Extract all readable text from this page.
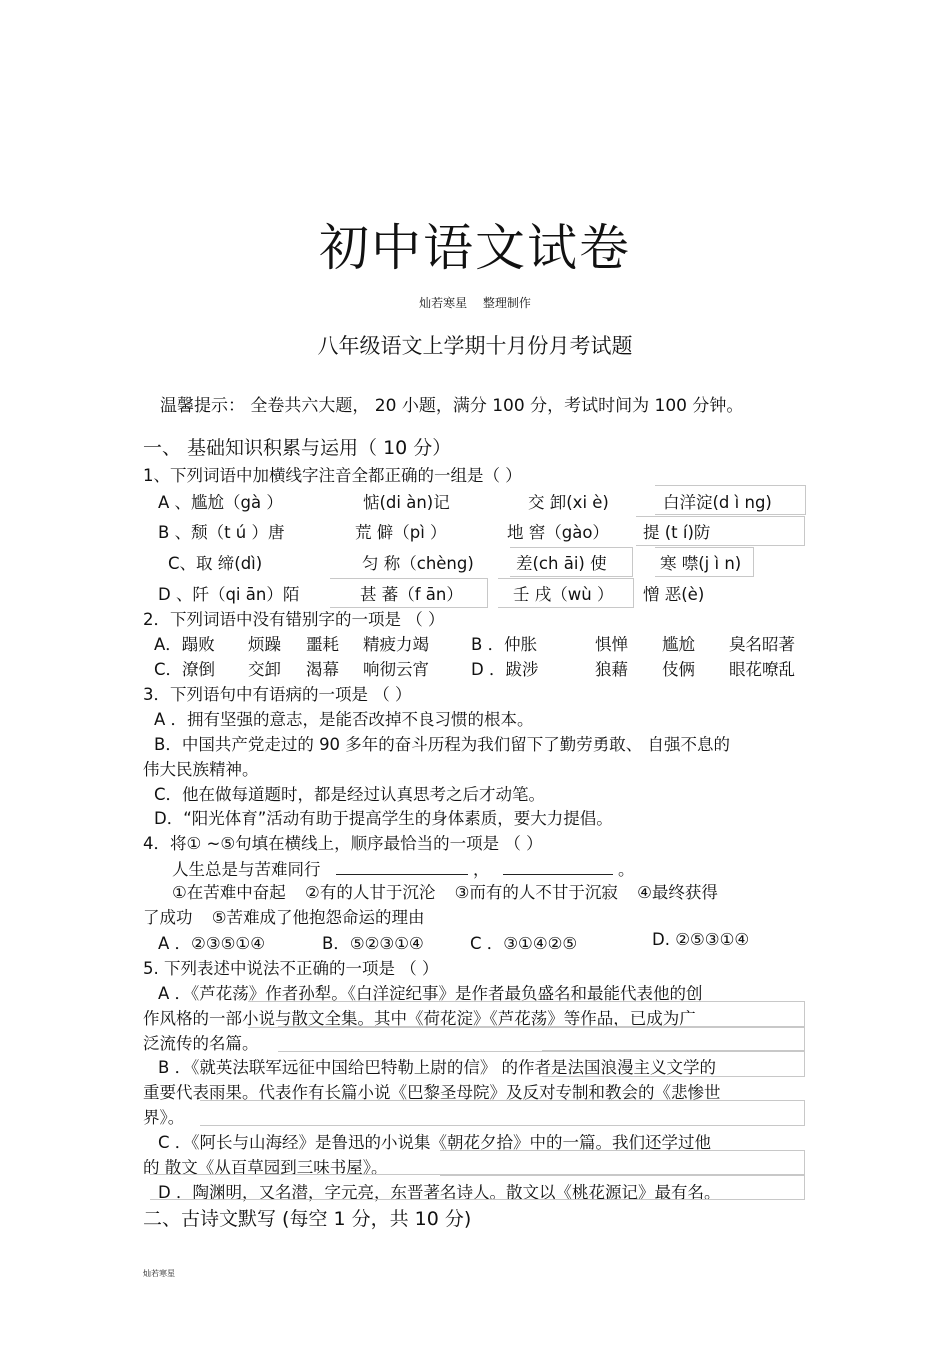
初中语文试卷
灿若寒星 整理制作
八年级语文上学期十月份月考试题
温馨提示： 全卷共六大题， 20 小题，满分 100 分，考试时间为 100 分钟。
一、 基础知识积累与运用（ 10 分）
1、下列词语中加横线字注音全都正确的一组是（ ）
A 、尴尬（gà ）	惦(di àn)记	交 卸(xi è)	白洋淀(d ì ng)
B 、颓（t ú ）唐	荒 僻（pì ）	地 窖（gào） 提 (t í)防
C、取 缔(dì)	匀 称（chèng)	差(ch āi) 使	寒 噤(j ì n)
D 、阡（qi ān）陌	甚 蕃（f ān）	壬 戌（wù ） 憎 恶(è)
2．下列词语中没有错别字的一项是 （ ）
A．蹋败 烦躁 噩耗 精疲力竭	B ．仲胀	惧惮 尴尬 臭名昭著
C．潦倒 交卸 渴幕 响彻云宵	D ．跋涉	狼藉 伎俩 眼花嘹乱
3．下列语句中有语病的一项是 （ ）
A ．拥有坚强的意志，是能否改掉不良习惯的根本。
B．中国共产党走过的 90 多年的奋斗历程为我们留下了勤劳勇敢、 自强不息的
伟大民族精神。
C．他在做每道题时，都是经过认真思考之后才动笔。
D．“阳光体育”活动有助于提高学生的身体素质，要大力提倡。
4．将① ~⑤句填在横线上，顺序最恰当的一项是 （ ）
人生总是与苦难同行	，	。
①在苦难中奋起 ②有的人甘于沉沦 ③而有的人不甘于沉寂 ④最终获得
了成功 ⑤苦难成了他抱怨命运的理由
A ．②③⑤①④	B．⑤②③①④	C ．③①④②⑤	D. ②⑤③①④
5. 下列表述中说法不正确的一项是 （ ）
A ．《芦花荡》作者孙犁。《白洋淀纪事》是作者最负盛名和最能代表他的创
作风格的一部小说与散文全集。其中《荷花淀》《芦花荡》等作品，已成为广
泛流传的名篇。
B ．《就英法联军远征中国给巴特勒上尉的信》 的作者是法国浪漫主义文学的
重要代表雨果。代表作有长篇小说《巴黎圣母院》及反对专制和教会的《悲惨世
界》。
C ．《阿长与山海经》是鲁迅的小说集《朝花夕拾》中的一篇。我们还学过他
的 散文《从百草园到三味书屋》。
D ．陶渊明，又名潜，字元亮，东晋著名诗人。散文以《桃花源记》最有名。
二、古诗文默写 (每空 1 分，共 10 分)
灿若寒星
